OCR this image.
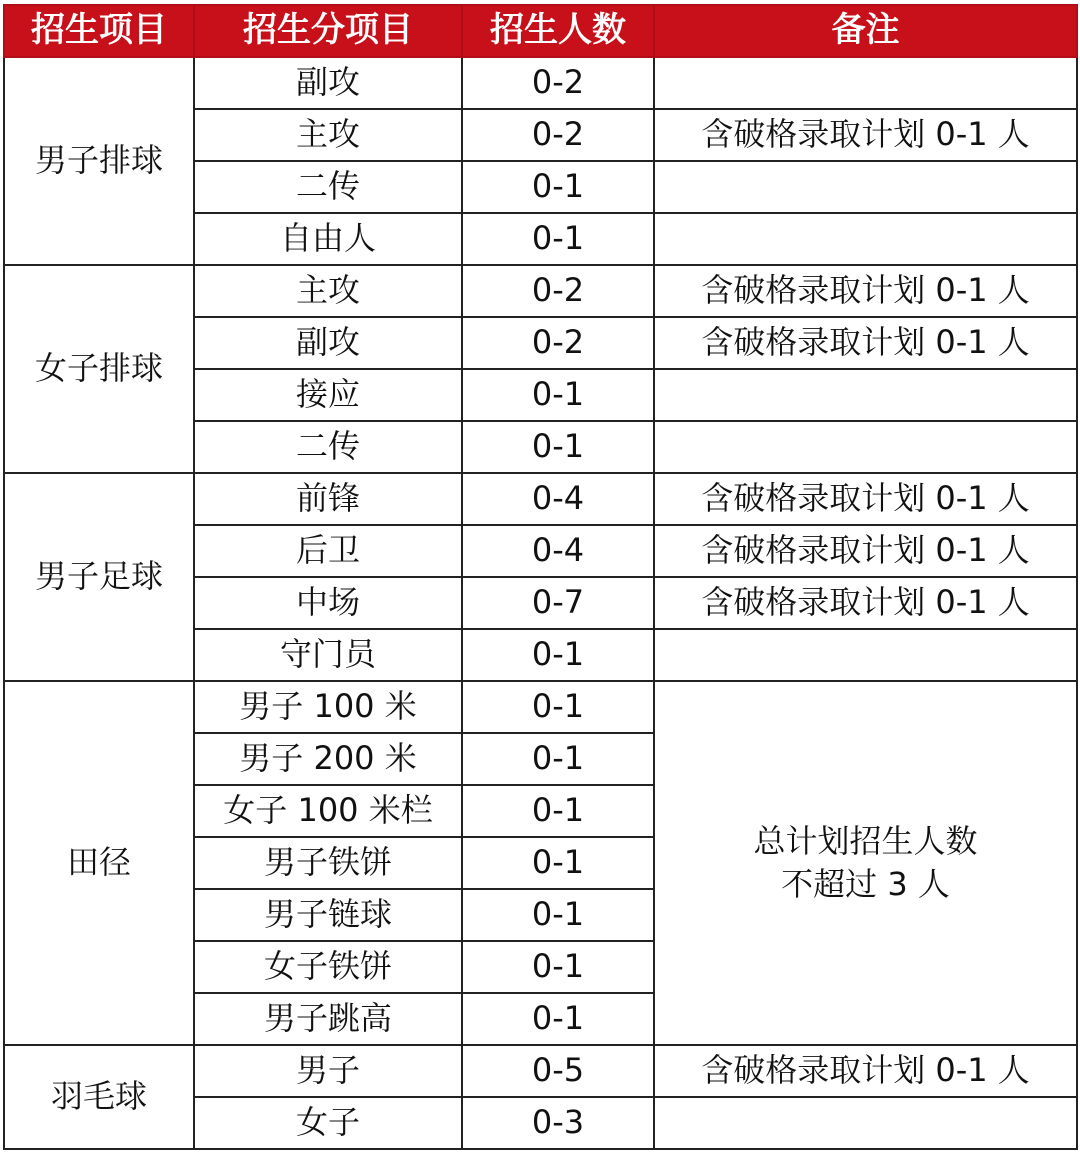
招生项目	招生分项目	招生人数	备注
男子排球	副攻	0-2	
	主攻	0-2	含破格录取计划 0-1 人
	二传	0-1	
	自由人	0-1	
女子排球	主攻	0-2	含破格录取计划 0-1 人
	副攻	0-2	含破格录取计划 0-1 人
	接应	0-1	
	二传	0-1	
男子足球	前锋	0-4	含破格录取计划 0-1 人
	后卫	0-4	含破格录取计划 0-1 人
	中场	0-7	含破格录取计划 0-1 人
	守门员	0-1	
田径	男子 100 米	0-1	总计划招生人数
不超过 3 人

	男子 200 米	0-1	
	女子 100 米栏	0-1	
	男子铁饼	0-1	
	男子链球	0-1	
	女子铁饼	0-1	
	男子跳高	0-1	
羽毛球	男子	0-5	含破格录取计划 0-1 人
	女子	0-3	
